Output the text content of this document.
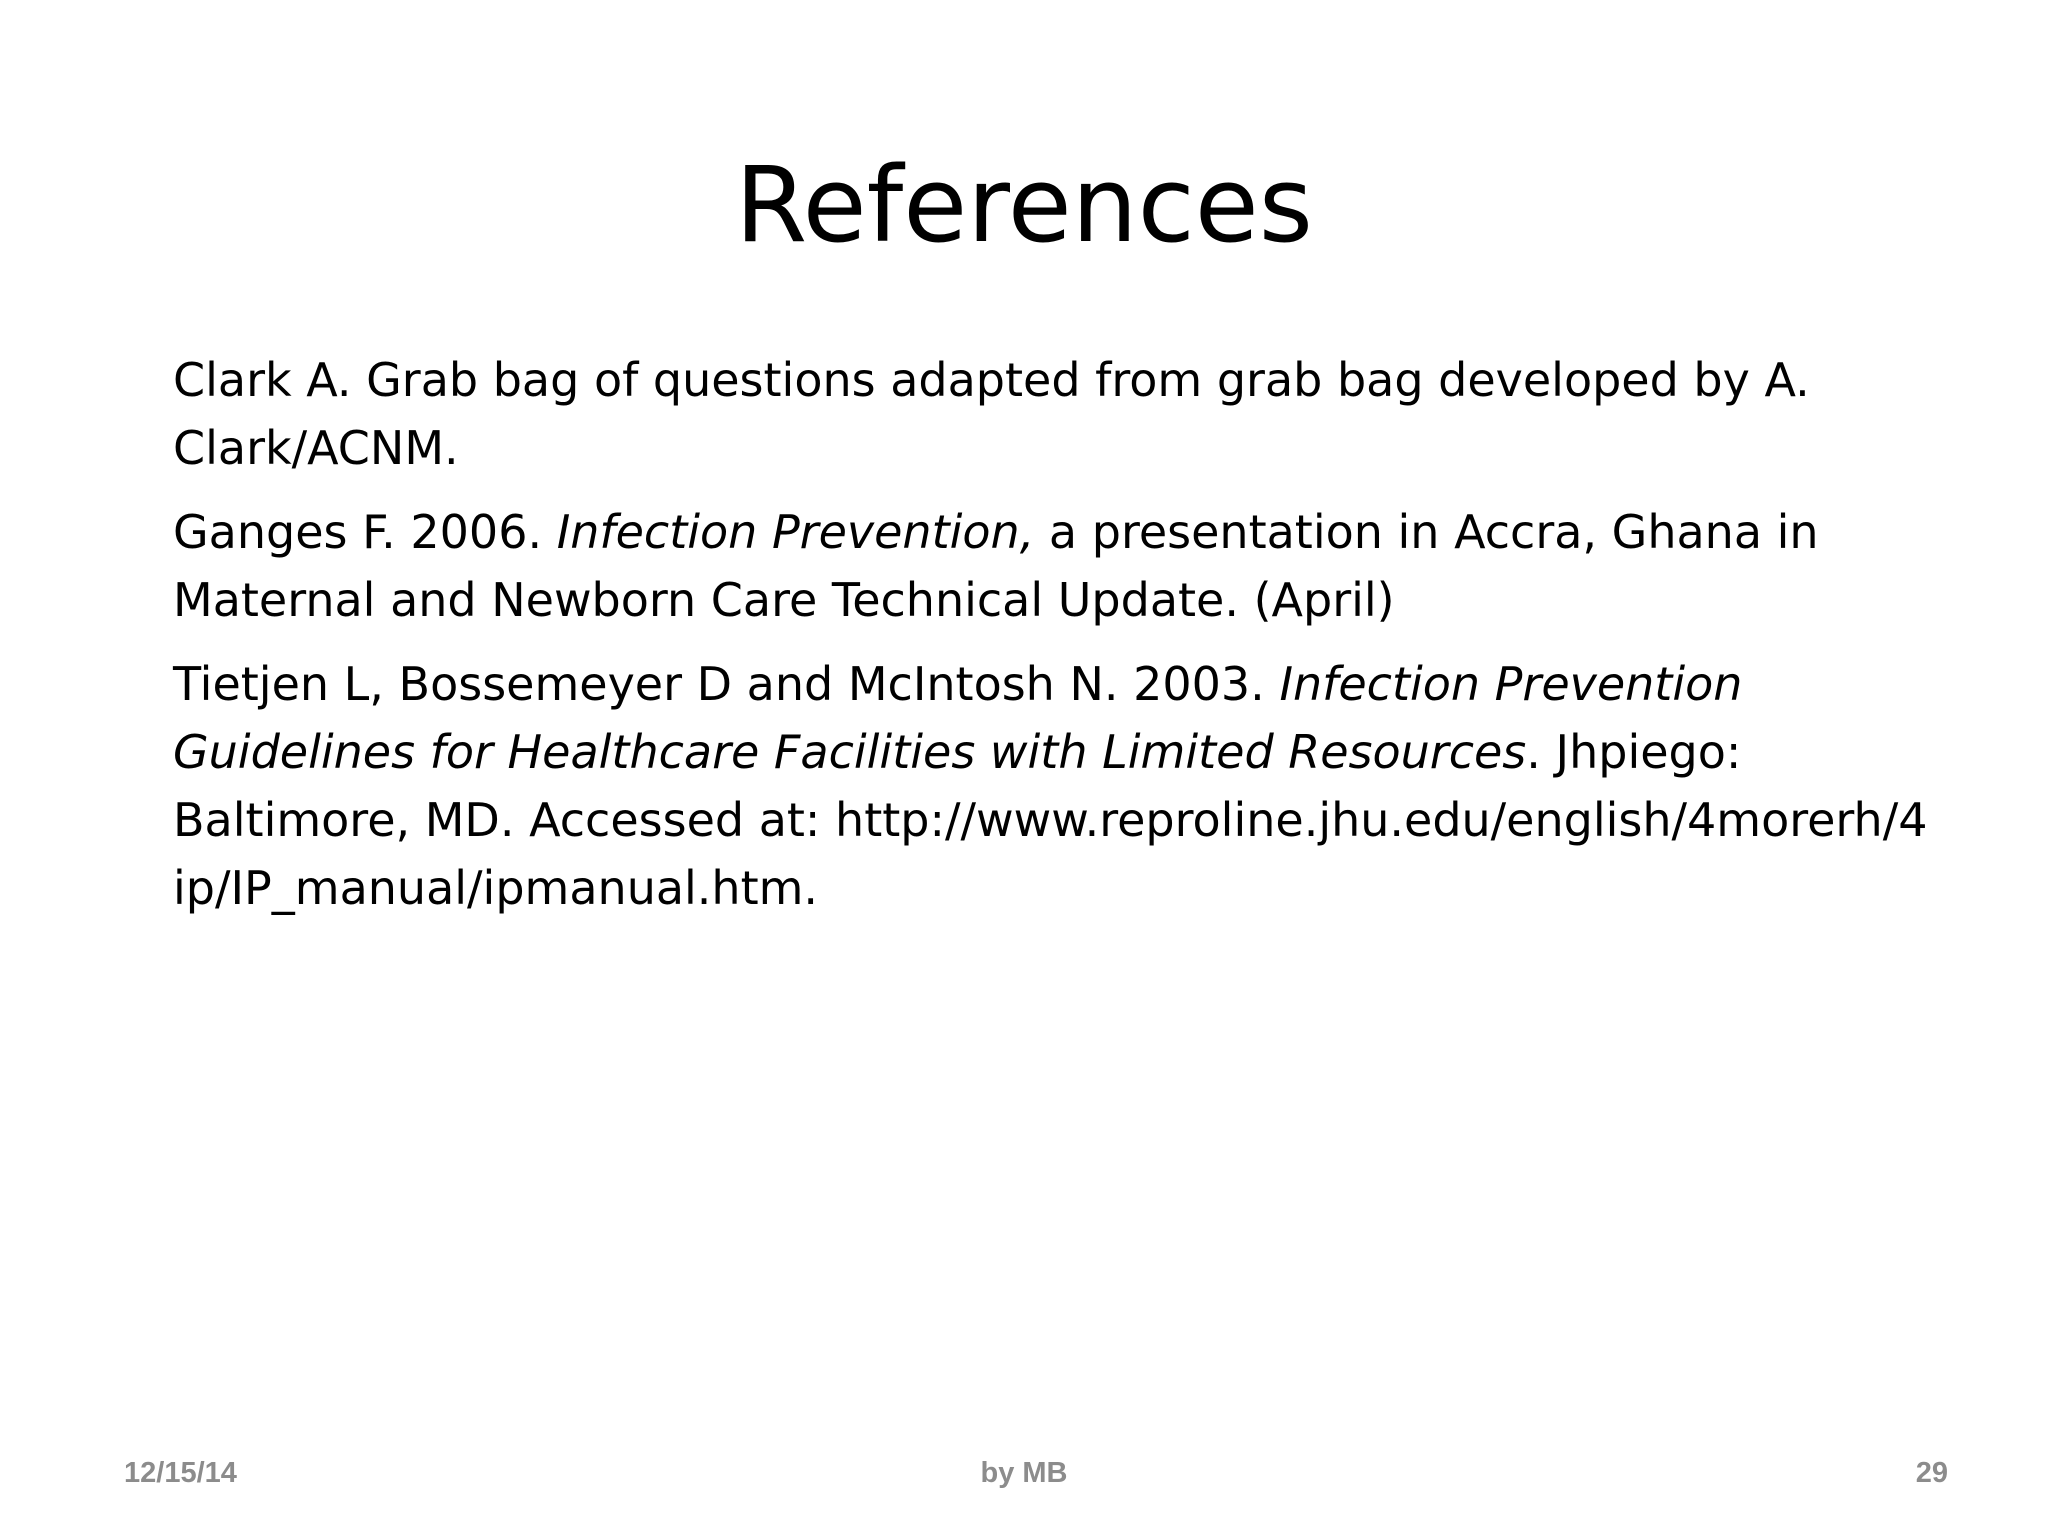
References

Clark A. Grab bag of questions adapted from grab bag developed by A. Clark/ACNM.

Ganges F. 2006. Infection Prevention, a presentation in Accra, Ghana in Maternal and Newborn Care Technical Update. (April)

Tietjen L, Bossemeyer D and McIntosh N. 2003. Infection Prevention Guidelines for Healthcare Facilities with Limited Resources. Jhpiego: Baltimore, MD. Accessed at: http://www.reproline.jhu.edu/english/4morerh/4ip/IP_manual/ipmanual.htm.

12/15/14	by MB	29
